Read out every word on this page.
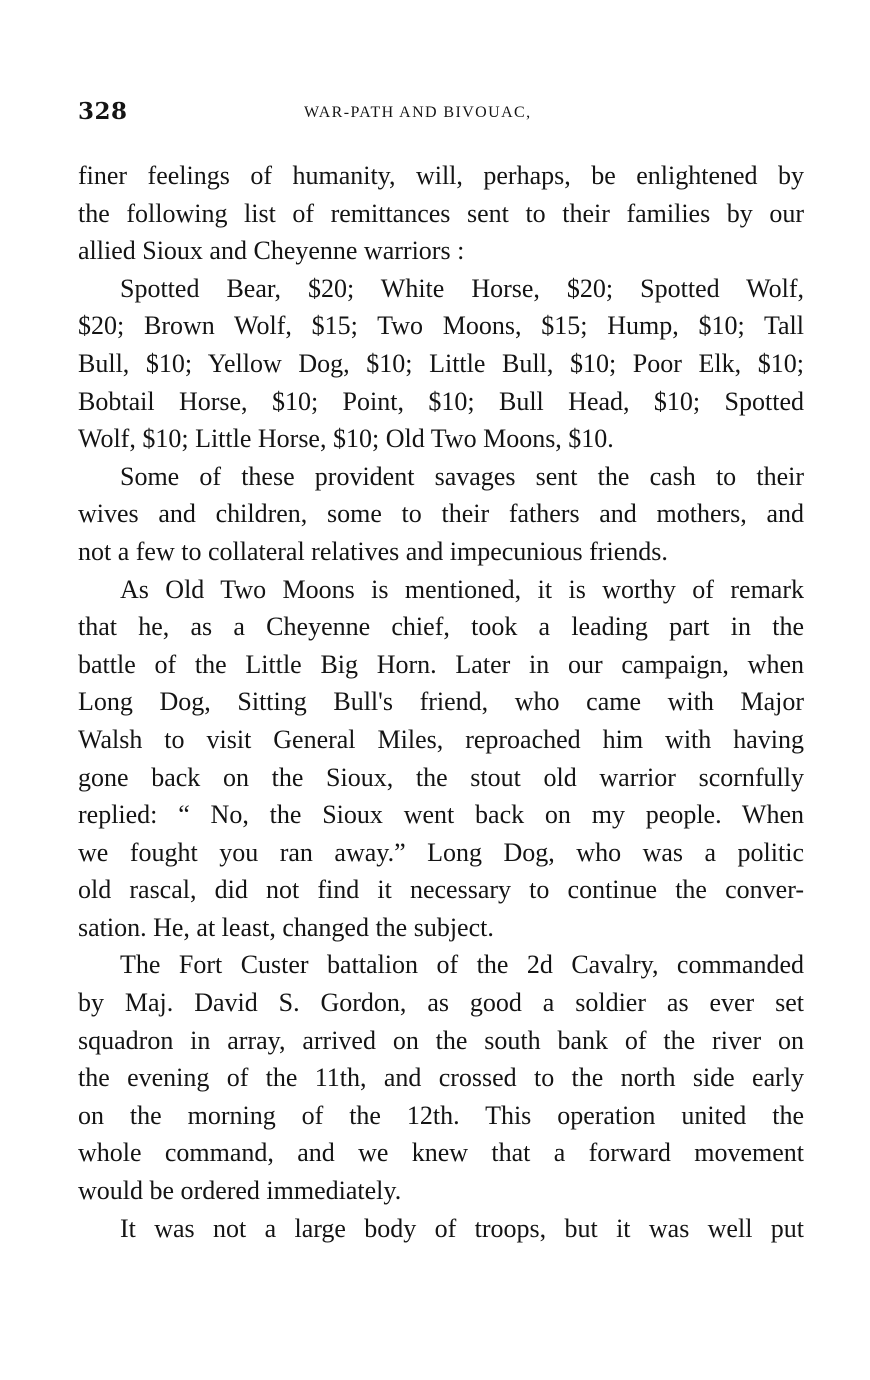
328	WAR-PATH AND BIVOUAC,
finer feelings of humanity, will, perhaps, be enlightened by
the following list of remittances sent to their families by our
allied Sioux and Cheyenne warriors :
Spotted Bear, $20; White Horse, $20; Spotted Wolf,
$20; Brown Wolf, $15; Two Moons, $15; Hump, $10; Tall
Bull, $10; Yellow Dog, $10; Little Bull, $10; Poor Elk, $10;
Bobtail Horse, $10; Point, $10; Bull Head, $10; Spotted
Wolf, $10; Little Horse, $10; Old Two Moons, $10.
Some of these provident savages sent the cash to their
wives and children, some to their fathers and mothers, and
not a few to collateral relatives and impecunious friends.
As Old Two Moons is mentioned, it is worthy of remark
that he, as a Cheyenne chief, took a leading part in the
battle of the Little Big Horn. Later in our campaign, when
Long Dog, Sitting Bull's friend, who came with Major
Walsh to visit General Miles, reproached him with having
gone back on the Sioux, the stout old warrior scornfully
replied: “ No, the Sioux went back on my people. When
we fought you ran away.” Long Dog, who was a politic
old rascal, did not find it necessary to continue the conver-
sation. He, at least, changed the subject.
The Fort Custer battalion of the 2d Cavalry, commanded
by Maj. David S. Gordon, as good a soldier as ever set
squadron in array, arrived on the south bank of the river on
the evening of the 11th, and crossed to the north side early
on the morning of the 12th. This operation united the
whole command, and we knew that a forward movement
would be ordered immediately.
It was not a large body of troops, but it was well put
